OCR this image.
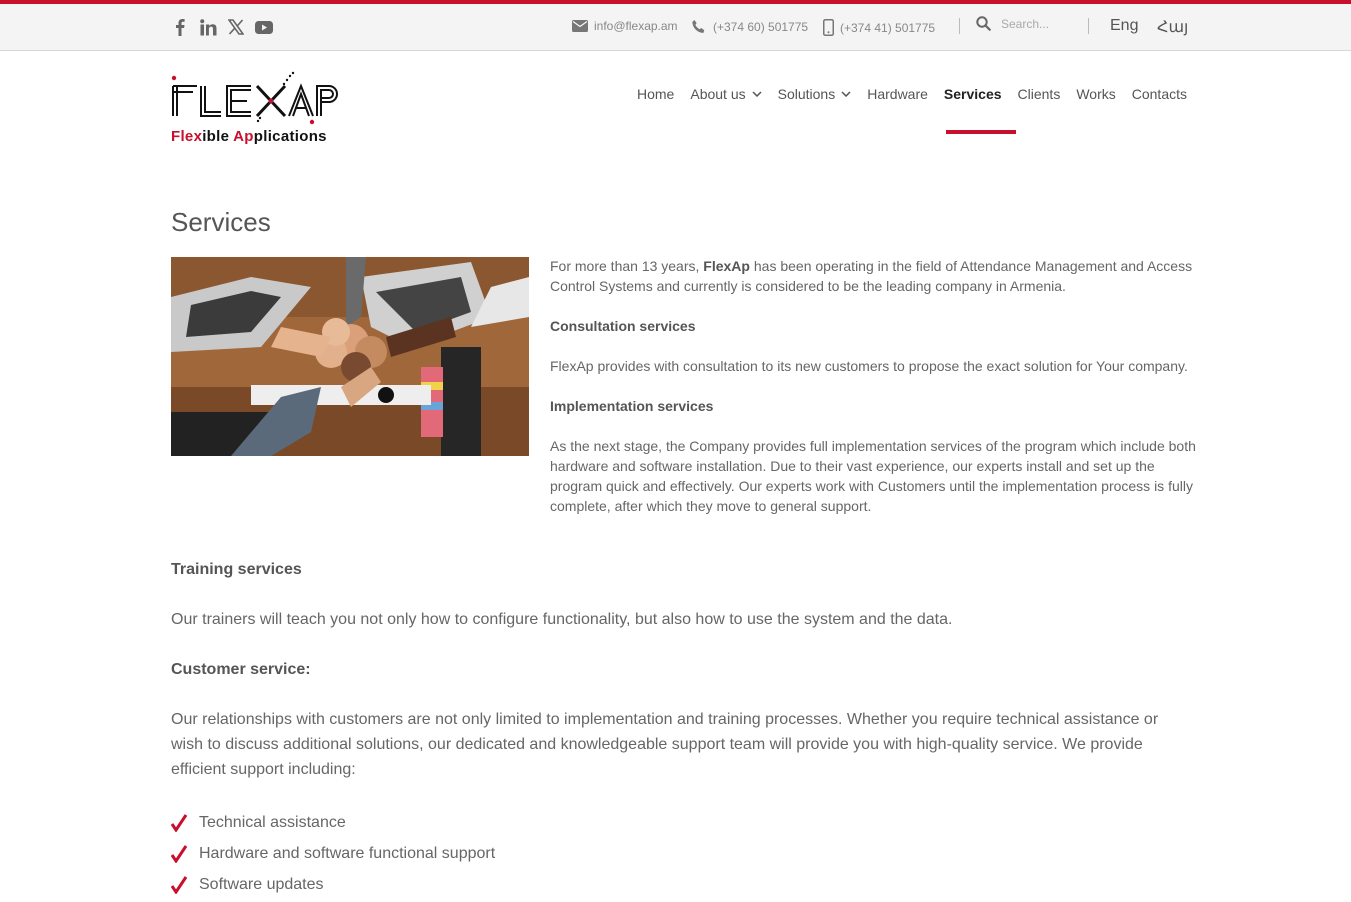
info@flexap.am	(+374 60) 501775	(+374 41) 501775
Search...	Eng Հայ
Flexible Applications
Home About us Solutions Hardware Services Clients Works Contacts
Services

For more than 13 years, FlexAp has been operating in the field of Attendance Management and Access Control Systems and currently is considered to be the leading company in Armenia.

Consultation services

FlexAp provides with consultation to its new customers to propose the exact solution for Your company.

Implementation services

As the next stage, the Company provides full implementation services of the program which include both hardware and software installation. Due to their vast experience, our experts install and set up the program quick and effectively. Our experts work with Customers until the implementation process is fully complete, after which they move to general support.

Training services

Our trainers will teach you not only how to configure functionality, but also how to use the system and the data.

Customer service:

Our relationships with customers are not only limited to implementation and training processes. Whether you require technical assistance or wish to discuss additional solutions, our dedicated and knowledgeable support team will provide you with high-quality service. We provide efficient support including:

Technical assistance
Hardware and software functional support
Software updates
